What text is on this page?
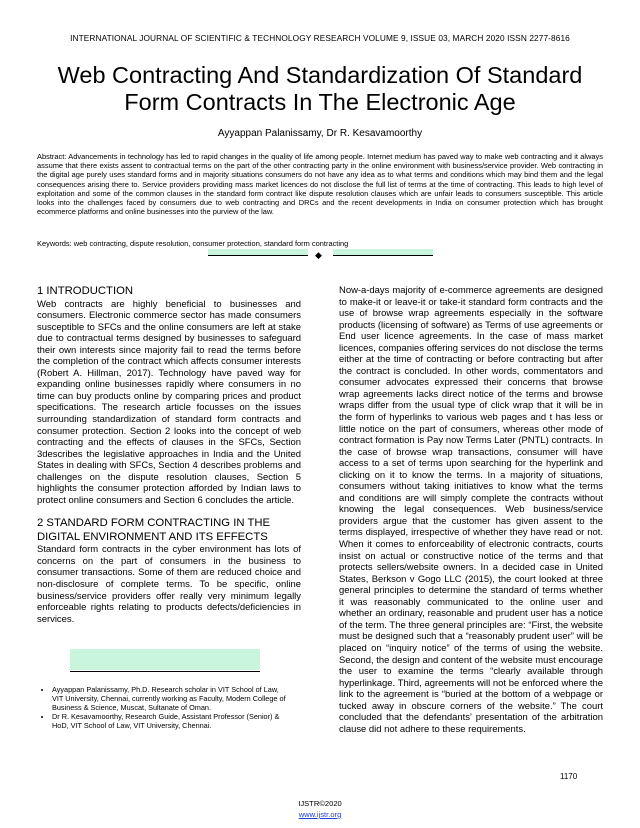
INTERNATIONAL JOURNAL OF SCIENTIFIC & TECHNOLOGY RESEARCH VOLUME 9, ISSUE 03, MARCH 2020 ISSN 2277-8616
Web Contracting And Standardization Of Standard
Form Contracts In The Electronic Age
Ayyappan Palanissamy, Dr R. Kesavamoorthy
Abstract: Advancements in technology has led to rapid changes in the quality of life among people. Internet medium has paved way to make web contracting and it always assume that there exists assent to contractual terms on the part of the other contracting party in the online environment with business/service provider. Web contracting in the digital age purely uses standard forms and in majority situations consumers do not have any idea as to what terms and conditions which may bind them and the legal consequences arising there to. Service providers providing mass market licences do not disclose the full list of terms at the time of contracting. This leads to high level of exploitation and some of the common clauses in the standard form contract like dispute resolution clauses which are unfair leads to consumers susceptible. This article looks into the challenges faced by consumers due to web contracting and DRCs and the recent developments in India on consumer protection which has brought ecommerce platforms and online businesses into the purview of the law.
Keywords: web contracting, dispute resolution, consumer protection, standard form contracting
◆
1 INTRODUCTION

Web contracts are highly beneficial to businesses and consumers. Electronic commerce sector has made consumers susceptible to SFCs and the online consumers are left at stake due to contractual terms designed by businesses to safeguard their own interests since majority fail to read the terms before the completion of the contract which affects consumer interests (Robert A. Hillman, 2017). Technology have paved way for expanding online businesses rapidly where consumers in no time can buy products online by comparing prices and product specifications. The research article focusses on the issues surrounding standardization of standard form contracts and consumer protection. Section 2 looks into the concept of web contracting and the effects of clauses in the SFCs, Section 3describes the legislative approaches in India and the United States in dealing with SFCs, Section 4 describes problems and challenges on the dispute resolution clauses, Section 5 highlights the consumer protection afforded by Indian laws to protect online consumers and Section 6 concludes the article.

2 STANDARD FORM CONTRACTING IN THE
DIGITAL ENVIRONMENT AND ITS EFFECTS

Standard form contracts in the cyber environment has lots of concerns on the part of consumers in the business to consumer transactions. Some of them are reduced choice and non-disclosure of complete terms. To be specific, online business/service providers offer really very minimum legally enforceable rights relating to products defects/deficiencies in services.

• Ayyappan Palanissamy, Ph.D. Research scholar in VIT School of Law, VIT University, Chennai, currently working as Faculty, Modern College of Business & Science, Muscat, Sultanate of Oman.
• Dr R. Kesavamoorthy, Research Guide, Assistant Professor (Senior) & HoD, VIT School of Law, VIT University, Chennai.

Now-a-days majority of e-commerce agreements are designed to make-it or leave-it or take-it standard form contracts and the use of browse wrap agreements especially in the software products (licensing of software) as Terms of use agreements or End user licence agreements. In the case of mass market licences, companies offering services do not disclose the terms either at the time of contracting or before contracting but after the contract is concluded. In other words, commentators and consumer advocates expressed their concerns that browse wrap agreements lacks direct notice of the terms and browse wraps differ from the usual type of click wrap that it will be in the form of hyperlinks to various web pages and t has less or little notice on the part of consumers, whereas other mode of contract formation is Pay now Terms Later (PNTL) contracts. In the case of browse wrap transactions, consumer will have access to a set of terms upon searching for the hyperlink and clicking on it to know the terms. In a majority of situations, consumers without taking initiatives to know what the terms and conditions are will simply complete the contracts without knowing the legal consequences. Web business/service providers argue that the customer has given assent to the terms displayed, irrespective of whether they have read or not. When it comes to enforceability of electronic contracts, courts insist on actual or constructive notice of the terms and that protects sellers/website owners. In a decided case in United States, Berkson v Gogo LLC (2015), the court looked at three general principles to determine the standard of terms whether it was reasonably communicated to the online user and whether an ordinary, reasonable and prudent user has a notice of the term. The three general principles are: “First, the website must be designed such that a “reasonably prudent user” will be placed on “inquiry notice” of the terms of using the website. Second, the design and content of the website must encourage the user to examine the terms “clearly available through hyperlinkage. Third, agreements will not be enforced where the link to the agreement is “buried at the bottom of a webpage or tucked away in obscure corners of the website.” The court concluded that the defendants’ presentation of the arbitration clause did not adhere to these requirements.

1170
IJSTR©2020
www.ijstr.org
